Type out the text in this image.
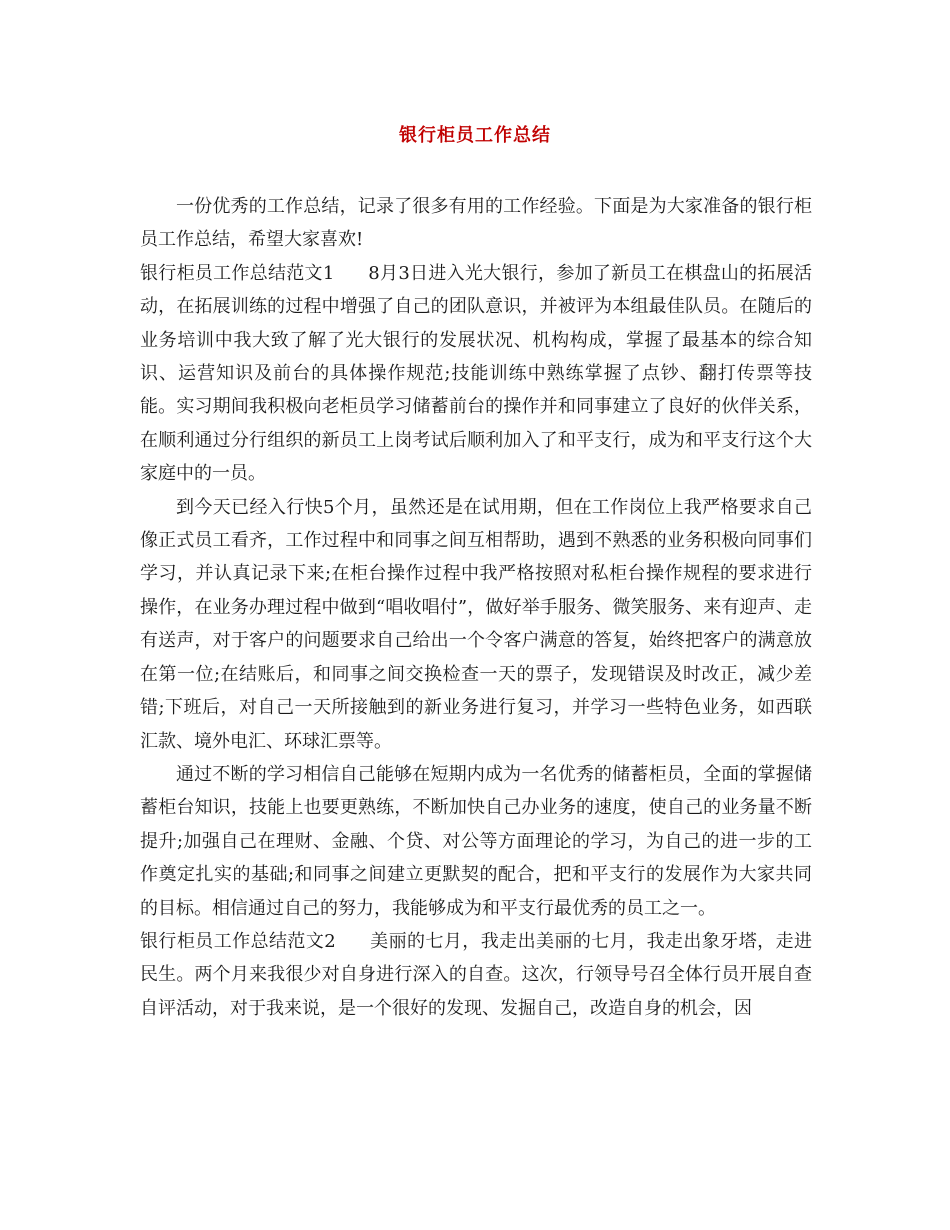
银行柜员工作总结

一份优秀的工作总结，记录了很多有用的工作经验。下面是为大家准备的银行柜员工作总结，希望大家喜欢!

银行柜员工作总结范文1 8月3日进入光大银行，参加了新员工在棋盘山的拓展活动，在拓展训练的过程中增强了自己的团队意识，并被评为本组最佳队员。在随后的业务培训中我大致了解了光大银行的发展状况、机构构成，掌握了最基本的综合知识、运营知识及前台的具体操作规范;技能训练中熟练掌握了点钞、翻打传票等技能。实习期间我积极向老柜员学习储蓄前台的操作并和同事建立了良好的伙伴关系，在顺利通过分行组织的新员工上岗考试后顺利加入了和平支行，成为和平支行这个大家庭中的一员。

到今天已经入行快5个月，虽然还是在试用期，但在工作岗位上我严格要求自己像正式员工看齐，工作过程中和同事之间互相帮助，遇到不熟悉的业务积极向同事们学习，并认真记录下来;在柜台操作过程中我严格按照对私柜台操作规程的要求进行操作，在业务办理过程中做到“唱收唱付”，做好举手服务、微笑服务、来有迎声、走有送声，对于客户的问题要求自己给出一个令客户满意的答复，始终把客户的满意放在第一位;在结账后，和同事之间交换检查一天的票子，发现错误及时改正，减少差错;下班后，对自己一天所接触到的新业务进行复习，并学习一些特色业务，如西联汇款、境外电汇、环球汇票等。

通过不断的学习相信自己能够在短期内成为一名优秀的储蓄柜员，全面的掌握储蓄柜台知识，技能上也要更熟练，不断加快自己办业务的速度，使自己的业务量不断提升;加强自己在理财、金融、个贷、对公等方面理论的学习，为自己的进一步的工作奠定扎实的基础;和同事之间建立更默契的配合，把和平支行的发展作为大家共同的目标。相信通过自己的努力，我能够成为和平支行最优秀的员工之一。

银行柜员工作总结范文2 美丽的七月，我走出美丽的七月，我走出象牙塔，走进民生。两个月来我很少对自身进行深入的自查。这次，行领导号召全体行员开展自查自评活动，对于我来说，是一个很好的发现、发掘自己，改造自身的机会，因
